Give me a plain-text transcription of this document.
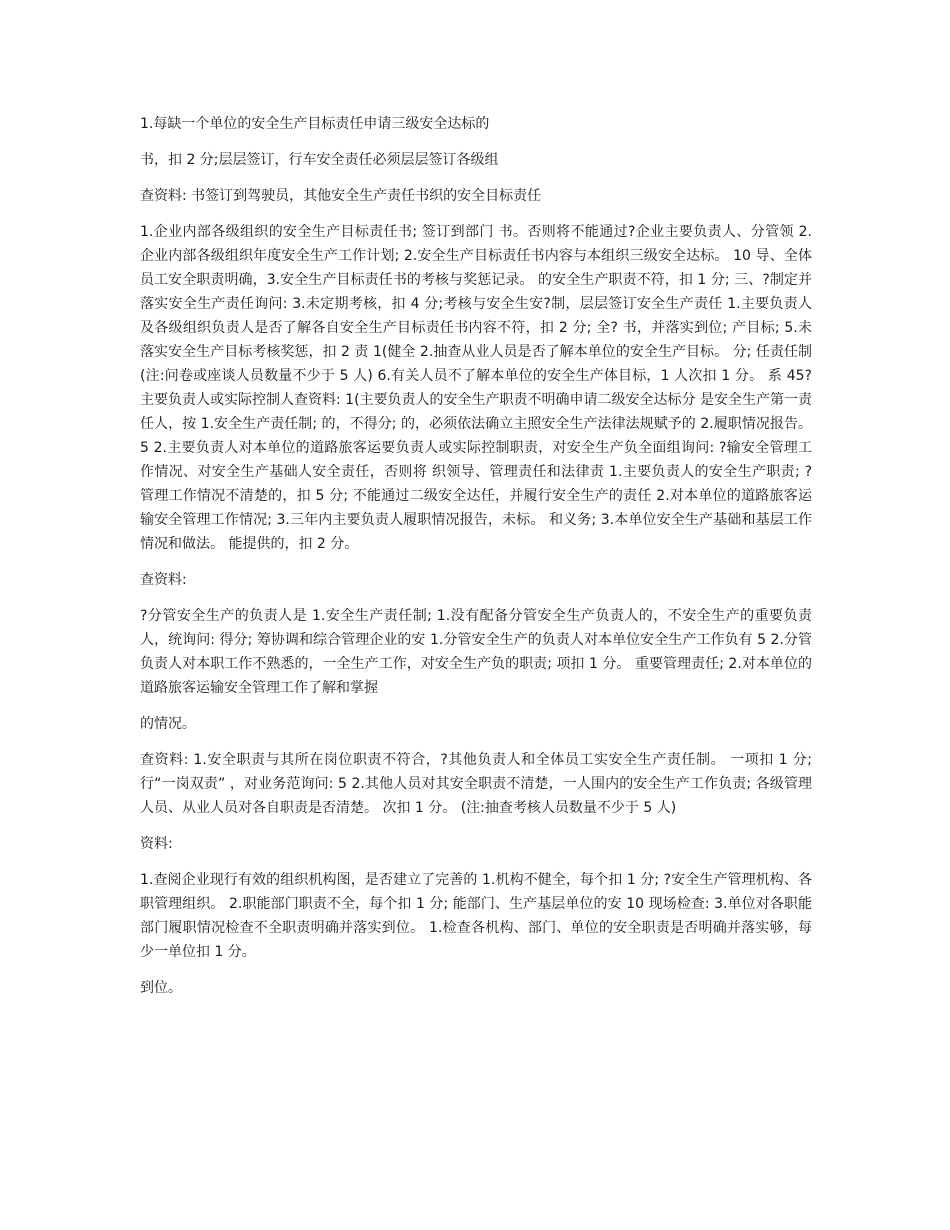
1.每缺一个单位的安全生产目标责任申请三级安全达标的

书，扣 2 分;层层签订，行车安全责任必须层层签订各级组

查资料: 书签订到驾驶员，其他安全生产责任书织的安全目标责任

1.企业内部各级组织的安全生产目标责任书; 签订到部门 书。否则将不能通过?企业主要负责人、分管领 2. 企业内部各级组织年度安全生产工作计划; 2.安全生产目标责任书内容与本组织三级安全达标。 10 导、全体员工安全职责明确，3.安全生产目标责任书的考核与奖惩记录。 的安全生产职责不符，扣 1 分; 三、?制定并落实安全生产责任询问: 3.未定期考核，扣 4 分;考核与安全生安?制，层层签订安全生产责任 1.主要负责人及各级组织负责人是否了解各自安全生产目标责任书内容不符，扣 2 分; 全? 书，并落实到位; 产目标; 5.未落实安全生产目标考核奖惩，扣 2 责 1(健全 2.抽查从业人员是否了解本单位的安全生产目标。 分; 任责任制 (注:问卷或座谈人员数量不少于 5 人) 6.有关人员不了解本单位的安全生产体目标，1 人次扣 1 分。 系 45?主要负责人或实际控制人查资料: 1(主要负责人的安全生产职责不明确申请二级安全达标分 是安全生产第一责任人，按 1.安全生产责任制; 的，不得分; 的，必须依法确立主照安全生产法律法规赋予的 2.履职情况报告。 5 2.主要负责人对本单位的道路旅客运要负责人或实际控制职责，对安全生产负全面组询问: ?输安全管理工作情况、对安全生产基础人安全责任，否则将 织领导、管理责任和法律责 1.主要负责人的安全生产职责; ? 管理工作情况不清楚的，扣 5 分; 不能通过二级安全达任，并履行安全生产的责任 2.对本单位的道路旅客运输安全管理工作情况; 3.三年内主要负责人履职情况报告，未标。 和义务; 3.本单位安全生产基础和基层工作情况和做法。 能提供的，扣 2 分。

查资料:

?分管安全生产的负责人是 1.安全生产责任制; 1.没有配备分管安全生产负责人的，不安全生产的重要负责人，统询问: 得分; 筹协调和综合管理企业的安 1.分管安全生产的负责人对本单位安全生产工作负有 5 2.分管负责人对本职工作不熟悉的，一全生产工作，对安全生产负的职责; 项扣 1 分。 重要管理责任; 2.对本单位的道路旅客运输安全管理工作了解和掌握

的情况。

查资料: 1.安全职责与其所在岗位职责不符合，?其他负责人和全体员工实安全生产责任制。 一项扣 1 分; 行“一岗双责” ，对业务范询问: 5 2.其他人员对其安全职责不清楚，一人围内的安全生产工作负责; 各级管理人员、从业人员对各自职责是否清楚。 次扣 1 分。 (注:抽查考核人员数量不少于 5 人)

资料:

1.查阅企业现行有效的组织机构图，是否建立了完善的 1.机构不健全，每个扣 1 分; ?安全生产管理机构、各职管理组织。 2.职能部门职责不全，每个扣 1 分; 能部门、生产基层单位的安 10 现场检查: 3.单位对各职能部门履职情况检查不全职责明确并落实到位。 1.检查各机构、部门、单位的安全职责是否明确并落实够，每少一单位扣 1 分。

到位。
